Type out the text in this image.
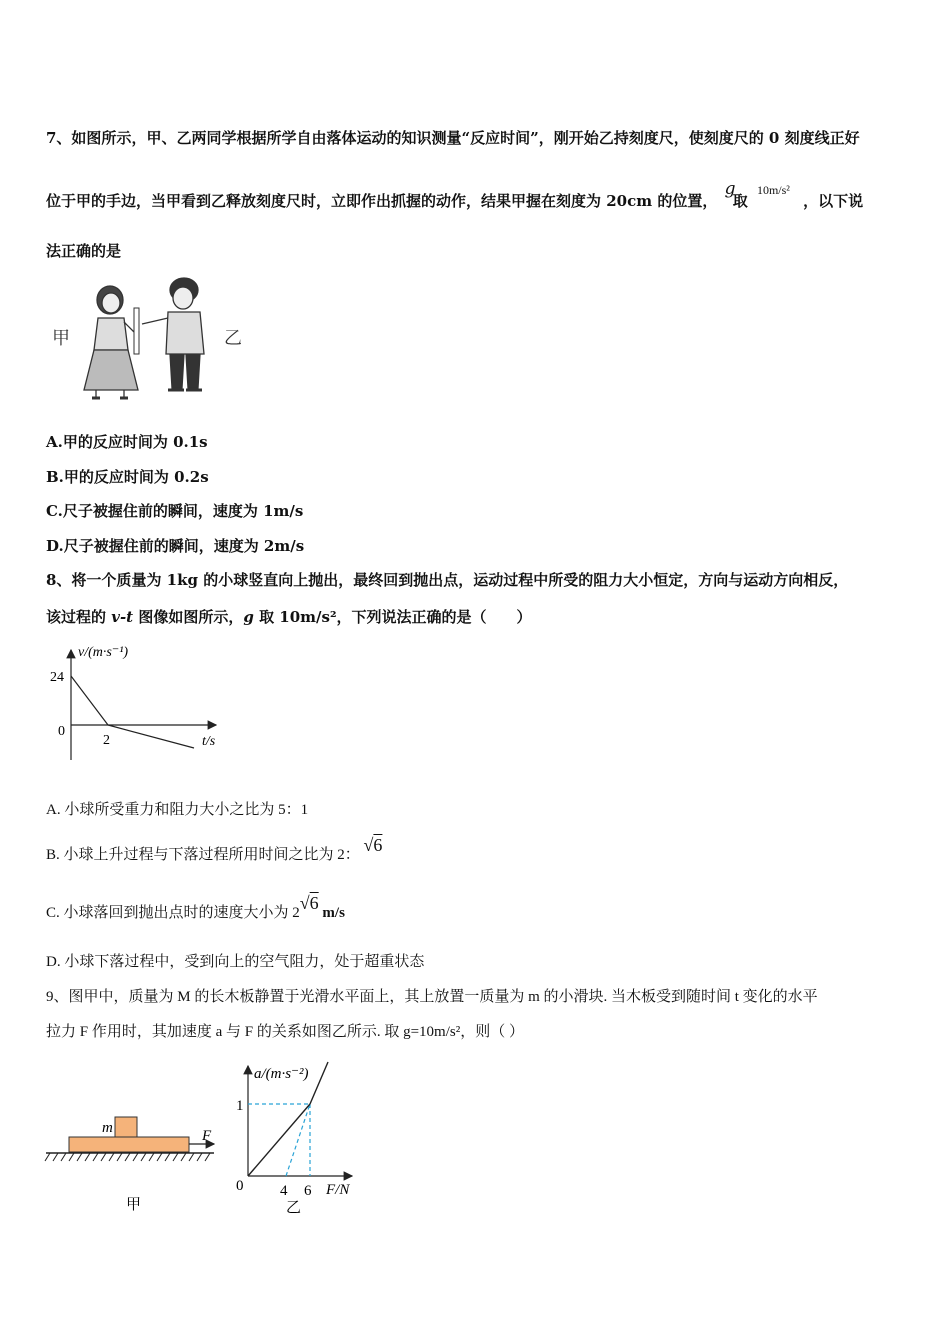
7、如图所示，甲、乙两同学根据所学自由落体运动的知识测量“反应时间”，刚开始乙持刻度尺，使刻度尺的 0 刻度线正好
位于甲的手边，当甲看到乙释放刻度尺时，立即作出抓握的动作，结果甲握在刻度为 20cm 的位置， g 取 $^{10m/s^2}$ ，以下说
法正确的是
甲	乙
A.甲的反应时间为 0.1s
B.甲的反应时间为 0.2s
C.尺子被握住前的瞬间，速度为 1m/s
D.尺子被握住前的瞬间，速度为 2m/s
8、将一个质量为 1kg 的小球竖直向上抛出，最终回到抛出点，运动过程中所受的阻力大小恒定，方向与运动方向相反，
该过程的 v-t 图像如图所示，g 取 10m/s²，下列说法正确的是（　　）
v/(m·s⁻¹)
t/s
24
0
2
A. 小球所受重力和阻力大小之比为 5：1
B. 小球上升过程与下落过程所用时间之比为 2： √6
C. 小球落回到抛出点时的速度大小为 2√6 m/s
D. 小球下落过程中，受到向上的空气阻力，处于超重状态
9、图甲中，质量为 M 的长木板静置于光滑水平面上，其上放置一质量为 m 的小滑块. 当木板受到随时间 t 变化的水平
拉力 F 作用时，其加速度 a 与 F 的关系如图乙所示. 取 g=10m/s²，则（ ）
m	F
甲
a/(m·s⁻²)
F/N
1
0 4 6
乙
